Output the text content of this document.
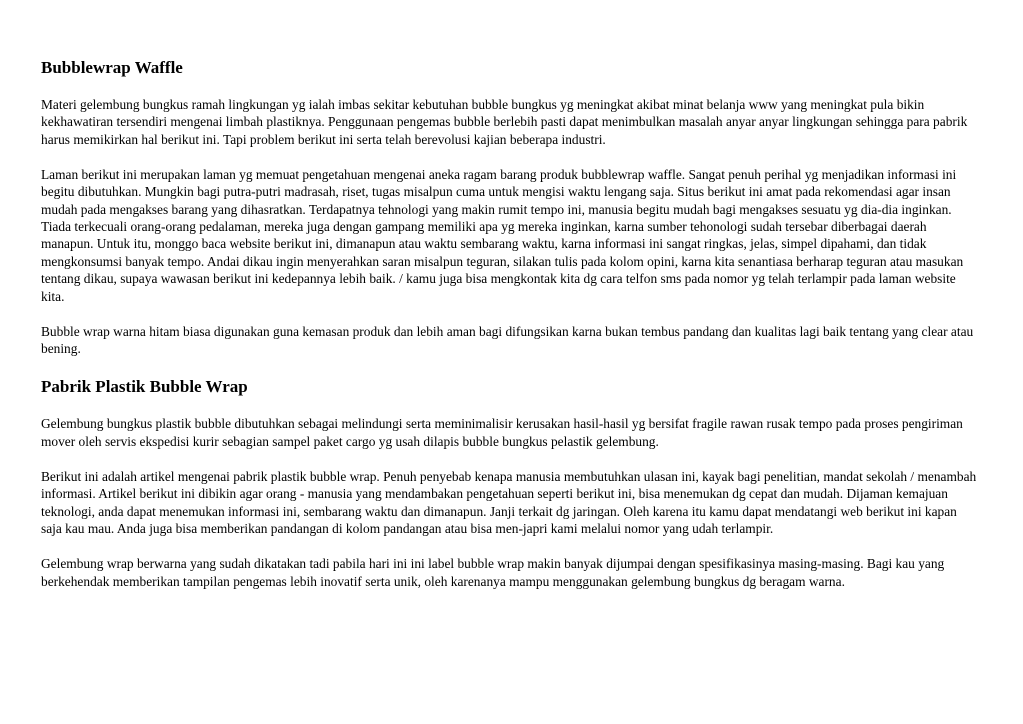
Bubblewrap Waffle

Materi gelembung bungkus ramah lingkungan yg ialah imbas sekitar kebutuhan bubble bungkus yg meningkat akibat minat belanja www yang meningkat pula bikin kekhawatiran tersendiri mengenai limbah plastiknya. Penggunaan pengemas bubble berlebih pasti dapat menimbulkan masalah anyar anyar lingkungan sehingga para pabrik harus memikirkan hal berikut ini. Tapi problem berikut ini serta telah berevolusi kajian beberapa industri.

Laman berikut ini merupakan laman yg memuat pengetahuan mengenai aneka ragam barang produk bubblewrap waffle. Sangat penuh perihal yg menjadikan informasi ini begitu dibutuhkan. Mungkin bagi putra-putri madrasah, riset, tugas misalpun cuma untuk mengisi waktu lengang saja. Situs berikut ini amat pada rekomendasi agar insan mudah pada mengakses barang yang dihasratkan. Terdapatnya tehnologi yang makin rumit tempo ini, manusia begitu mudah bagi mengakses sesuatu yg dia-dia inginkan. Tiada terkecuali orang-orang pedalaman, mereka juga dengan gampang memiliki apa yg mereka inginkan, karna sumber tehonologi sudah tersebar diberbagai daerah manapun. Untuk itu, monggo baca website berikut ini, dimanapun atau waktu sembarang waktu, karna informasi ini sangat ringkas, jelas, simpel dipahami, dan tidak mengkonsumsi banyak tempo. Andai dikau ingin menyerahkan saran misalpun teguran, silakan tulis pada kolom opini, karna kita senantiasa berharap teguran atau masukan tentang dikau, supaya wawasan berikut ini kedepannya lebih baik. / kamu juga bisa mengkontak kita dg cara telfon sms pada nomor yg telah terlampir pada laman website kita.

Bubble wrap warna hitam biasa digunakan guna kemasan produk dan lebih aman bagi difungsikan karna bukan tembus pandang dan kualitas lagi baik tentang yang clear atau bening.

Pabrik Plastik Bubble Wrap

Gelembung bungkus plastik bubble dibutuhkan sebagai melindungi serta meminimalisir kerusakan hasil-hasil yg bersifat fragile rawan rusak tempo pada proses pengiriman mover oleh servis ekspedisi kurir sebagian sampel paket cargo yg usah dilapis bubble bungkus pelastik gelembung.

Berikut ini adalah artikel mengenai pabrik plastik bubble wrap. Penuh penyebab kenapa manusia membutuhkan ulasan ini, kayak bagi penelitian, mandat sekolah / menambah informasi. Artikel berikut ini dibikin agar orang - manusia yang mendambakan pengetahuan seperti berikut ini, bisa menemukan dg cepat dan mudah. Dijaman kemajuan teknologi, anda dapat menemukan informasi ini, sembarang waktu dan dimanapun. Janji terkait dg jaringan. Oleh karena itu kamu dapat mendatangi web berikut ini kapan saja kau mau. Anda juga bisa memberikan pandangan di kolom pandangan atau bisa men-japri kami melalui nomor yang udah terlampir.

Gelembung wrap berwarna yang sudah dikatakan tadi pabila hari ini ini label bubble wrap makin banyak dijumpai dengan spesifikasinya masing-masing. Bagi kau yang berkehendak memberikan tampilan pengemas lebih inovatif serta unik, oleh karenanya mampu menggunakan gelembung bungkus dg beragam warna.
